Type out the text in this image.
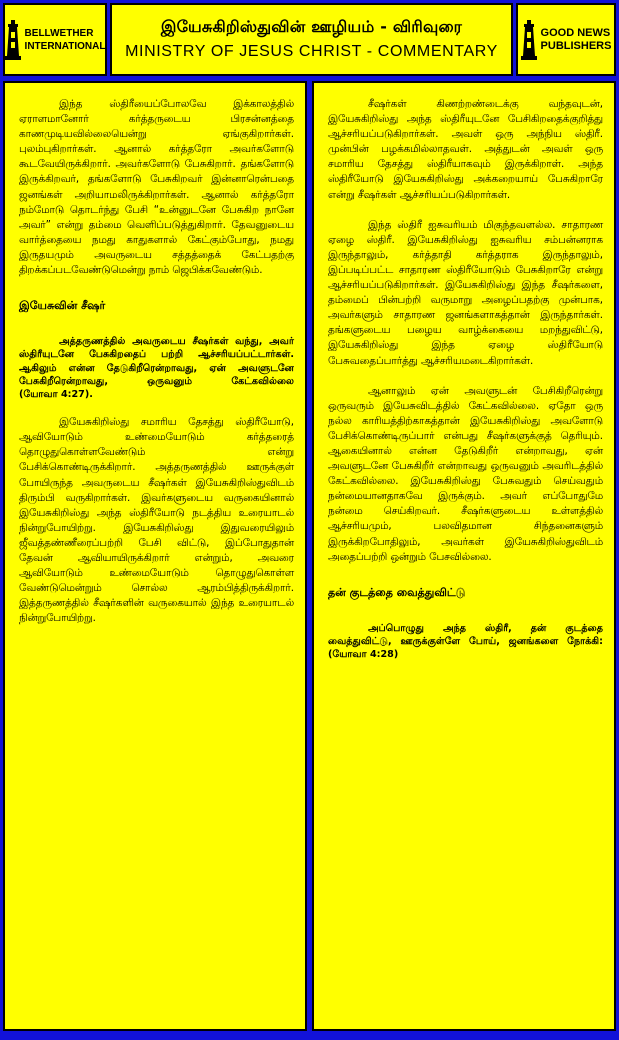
BELLWETHER
INTERNATIONAL
இயேசுகிறிஸ்துவின் ஊழியம் - விரிவுரை
MINISTRY OF JESUS CHRIST - COMMENTARY
GOOD NEWS
PUBLISHERS

இந்த ஸ்திரீயைப்போலவே இக்காலத்தில் ஏராளமானோர் கர்த்தருடைய பிரசன்னத்தை காணமுடியவில்லையென்று ஏங்குகிறார்கள். புலம்புகிறார்கள். ஆனால் கர்த்தரோ அவர்களோடு கூடவேயிருக்கிறார். அவர்களோடு பேசுகிறார். தங்களோடு இருக்கிறவர், தங்களோடு பேசுகிறவர் இன்னாரென்பதை ஜனங்கள் அறியாமலிருக்கிறார்கள். ஆனால் கர்த்தரோ நம்மோடு தொடர்ந்து பேசி “உன்னுடனே பேசுகிற நானே அவர்” என்று தம்மை வெளிப்படுத்துகிறார். தேவனுடைய வார்த்தையை நமது காதுகளால் கேட்கும்போது, நமது இருதயமும் அவருடைய சத்தத்தைக் கேட்பதற்கு திறக்கப்படவேண்டுமென்று நாம் ஜெபிக்கவேண்டும்.

இயேசுவின் சீஷர்

அத்தருணத்தில் அவருடைய சீஷர்கள் வந்து, அவர் ஸ்திரீயுடனே பேசுகிறதைப் பற்றி ஆச்சரியப்பட்டார்கள். ஆகிலும் என்ன தேடுகிறீரென்றாவது, ஏன் அவளுடனே பேசுகிறீரென்றாவது, ஒருவனும் கேட்கவில்லை (யோவா 4:27).

இயேசுகிறிஸ்து சமாரிய தேசத்து ஸ்திரீயோடு, ஆவியோடும் உண்மையோடும் கர்த்தரைத் தொழுதுகொள்ளவேண்டும் என்று பேசிக்கொண்டிருக்கிறார். அத்தருணத்தில் ஊருக்குள் போயிருந்த அவருடைய சீஷர்கள் இயேசுகிறிஸ்துவிடம் திரும்பி வருகிறார்கள். இவர்களுடைய வருகையினால் இயேசுகிறிஸ்து அந்த ஸ்திரீயோடு நடத்திய உரையாடல் நின்றுபோயிற்று. இயேசுகிறிஸ்து இதுவரையிலும் ஜீவத்தண்ணீரைப்பற்றி பேசி விட்டு, இப்போதுதான் தேவன் ஆவியாயிருக்கிறார் என்றும், அவரை ஆவியோடும் உண்மையோடும் தொழுதுகொள்ள வேண்டுமென்றும் சொல்ல ஆரம்பித்திருக்கிறார். இத்தருணத்தில் சீஷர்களின் வருகையால் இந்த உரையாடல் நின்றுபோயிற்று.

சீஷர்கள் கிணற்றண்டைக்கு வந்தவுடன், இயேசுகிறிஸ்து அந்த ஸ்திரீயுடனே பேசிகிறதைக்குறித்து ஆச்சரியப்படுகிறார்கள். அவள் ஒரு அந்நிய ஸ்திரீ. முன்பின் பழக்கமில்லாதவள். அத்துடன் அவள் ஒரு சமாரிய தேசத்து ஸ்திரீயாகவும் இருக்கிறாள். அந்த ஸ்திரீயோடு இயேசுகிறிஸ்து அக்கறையாய் பேசுகிறாரே என்று சீஷர்கள் ஆச்சரியப்படுகிறார்கள்.

இந்த ஸ்திரீ ஐசுவரியம் மிகுந்தவளல்ல. சாதாரண ஏழை ஸ்திரீ. இயேசுகிறிஸ்து ஐசுவரிய சம்பன்னராக இருந்தாலும், கர்த்தாதி கர்த்தராக இருந்தாலும், இப்படிப்பட்ட சாதாரண ஸ்திரீயோடும் பேசுகிறாரே என்று ஆச்சரியப்படுகிறார்கள். இயேசுகிறிஸ்து இந்த சீஷர்களை, தம்மைப் பின்பற்றி வருமாறு அழைப்பதற்கு முன்பாக, அவர்களும் சாதாரண ஜனங்களாகத்தான் இருந்தார்கள். தங்களுடைய பழைய வாழ்க்கையை மறந்துவிட்டு, இயேசுகிறிஸ்து இந்த ஏழை ஸ்திரீயோடு பேசுவதைப்பார்த்து ஆச்சரியமடைகிறார்கள்.

ஆனாலும் ஏன் அவளுடன் பேசிகிறீரென்று ஒருவரும் இயேசுவிடத்தில் கேட்கவில்லை. ஏதோ ஒரு நல்ல காரியத்திற்காகத்தான் இயேசுகிறிஸ்து அவளோடு பேசிக்கொண்டிருப்பார் என்பது சீஷர்களுக்குத் தெரியும். ஆகையினால் என்ன தேடுகிறீர் என்றாவது, ஏன் அவளுடனே பேசுகிறீர் என்றாவது ஒருவனும் அவரிடத்தில் கேட்கவில்லை. இயேசுகிறிஸ்து பேசுவதும் செய்வதும் நன்மையானதாகவே இருக்கும். அவர் எப்போதுமே நன்மை செய்கிறவர். சீஷர்களுடைய உள்ளத்தில் ஆச்சரியமும், பலவிதமான சிந்தனைகளும் இருக்கிறபோதிலும், அவர்கள் இயேசுகிறிஸ்துவிடம் அதைப்பற்றி ஒன்றும் பேசவில்லை.

தன் குடத்தை வைத்துவிட்டு

அப்பொழுது அந்த ஸ்திரீ, தன் குடத்தை வைத்துவிட்டு, ஊருக்குள்ளே போய், ஜனங்களை நோக்கி: (யோவா 4:28)
